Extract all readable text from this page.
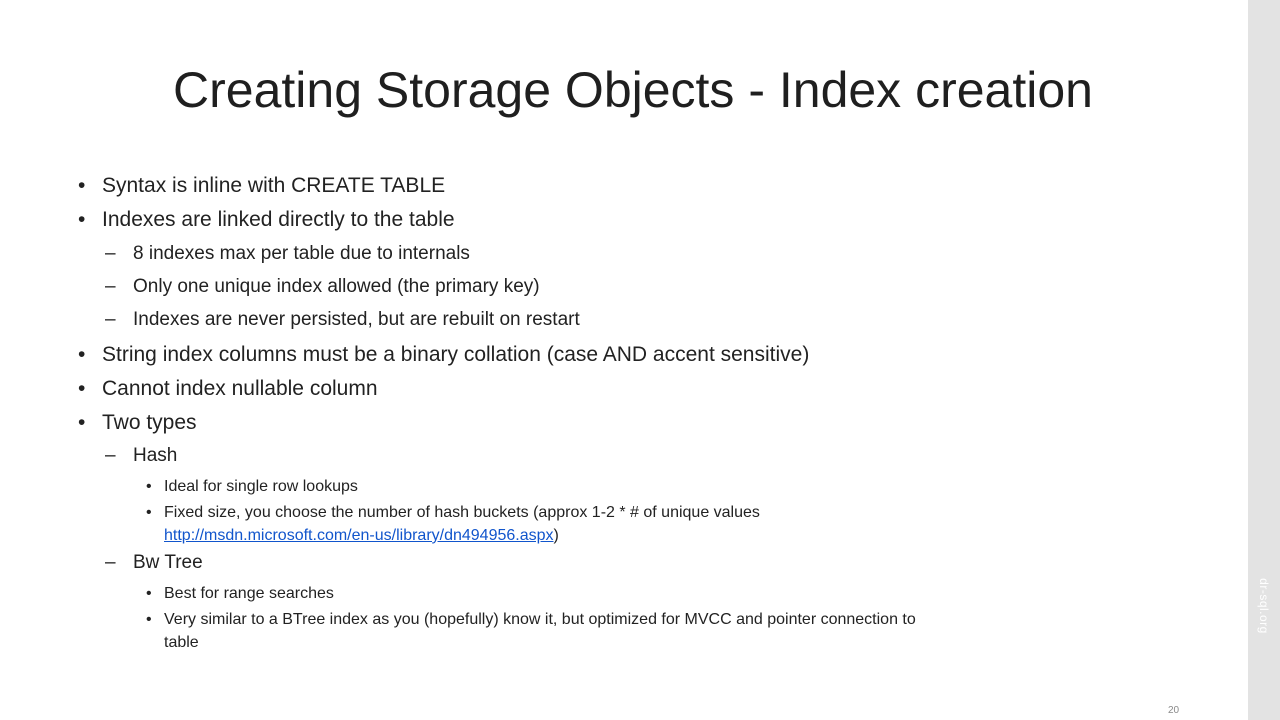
Creating Storage Objects - Index creation
• Syntax is inline with CREATE TABLE
• Indexes are linked directly to the table
– 8 indexes max per table due to internals
– Only one unique index allowed (the primary key)
– Indexes are never persisted, but are rebuilt on restart
• String index columns must be a binary collation (case AND accent sensitive)
• Cannot index nullable column
• Two types
– Hash
• Ideal for single row lookups
• Fixed size, you choose the number of hash buckets (approx 1-2 * # of unique values
http://msdn.microsoft.com/en-us/library/dn494956.aspx)
– Bw Tree
• Best for range searches
• Very similar to a BTree index as you (hopefully) know it, but optimized for MVCC and pointer connection to
table
20
dr-sql.org
